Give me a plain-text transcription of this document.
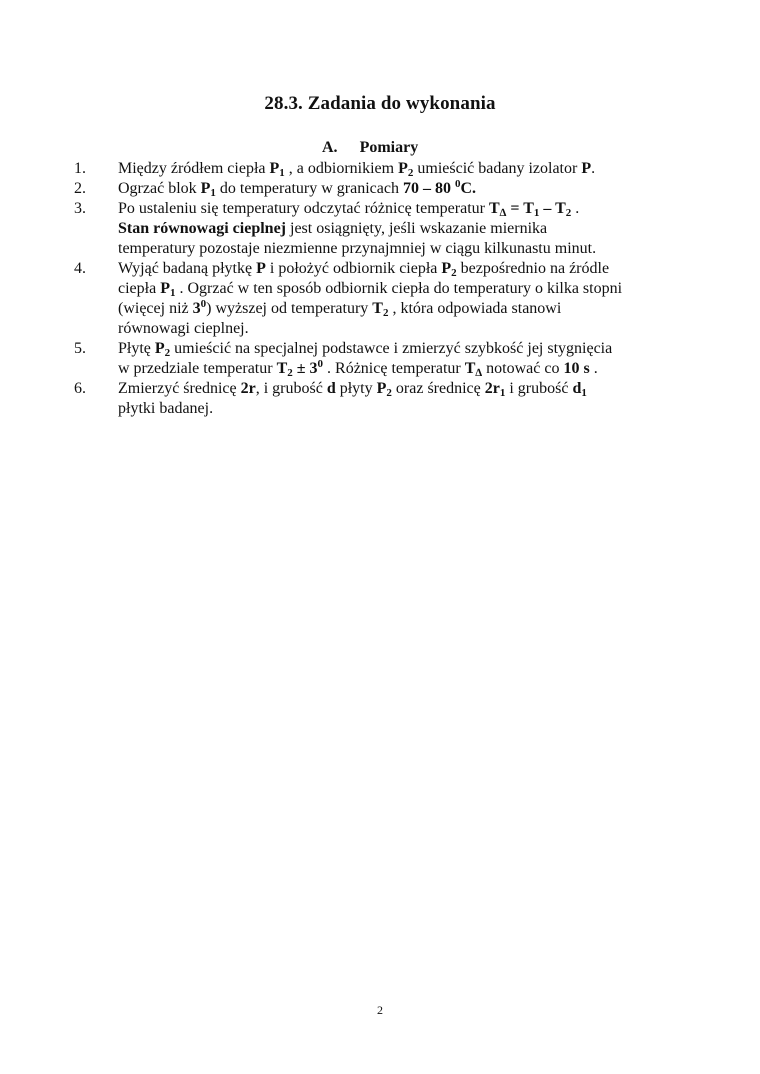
28.3. Zadania do wykonania
A. Pomiary
1. Między źródłem ciepła $P_1$ , a odbiornikiem $P_2$ umieścić badany izolator P.
2. Ogrzać blok $P_1$ do temperatury w granicach 70 – 80 $^0$C.
3. Po ustaleniu się temperatury odczytać różnicę temperatur $T_\Delta = T_1 - T_2$ .
Stan równowagi cieplnej jest osiągnięty, jeśli wskazanie miernika
temperatury pozostaje niezmienne przynajmniej w ciągu kilkunastu minut.
4. Wyjąć badaną płytkę P i położyć odbiornik ciepła $P_2$ bezpośrednio na źródle
ciepła $P_1$ . Ogrzać w ten sposób odbiornik ciepła do temperatury o kilka stopni
(więcej niż $3^0$) wyższej od temperatury $T_2$ , która odpowiada stanowi
równowagi cieplnej.
5. Płytę $P_2$ umieścić na specjalnej podstawce i zmierzyć szybkość jej stygnięcia
w przedziale temperatur $T_2 \pm 3^0$ . Różnicę temperatur $T_\Delta$ notować co 10 s .
6. Zmierzyć średnicę 2r, i grubość d płyty $P_2$ oraz średnicę $2r_1$ i grubość $d_1$
płytki badanej.
2
